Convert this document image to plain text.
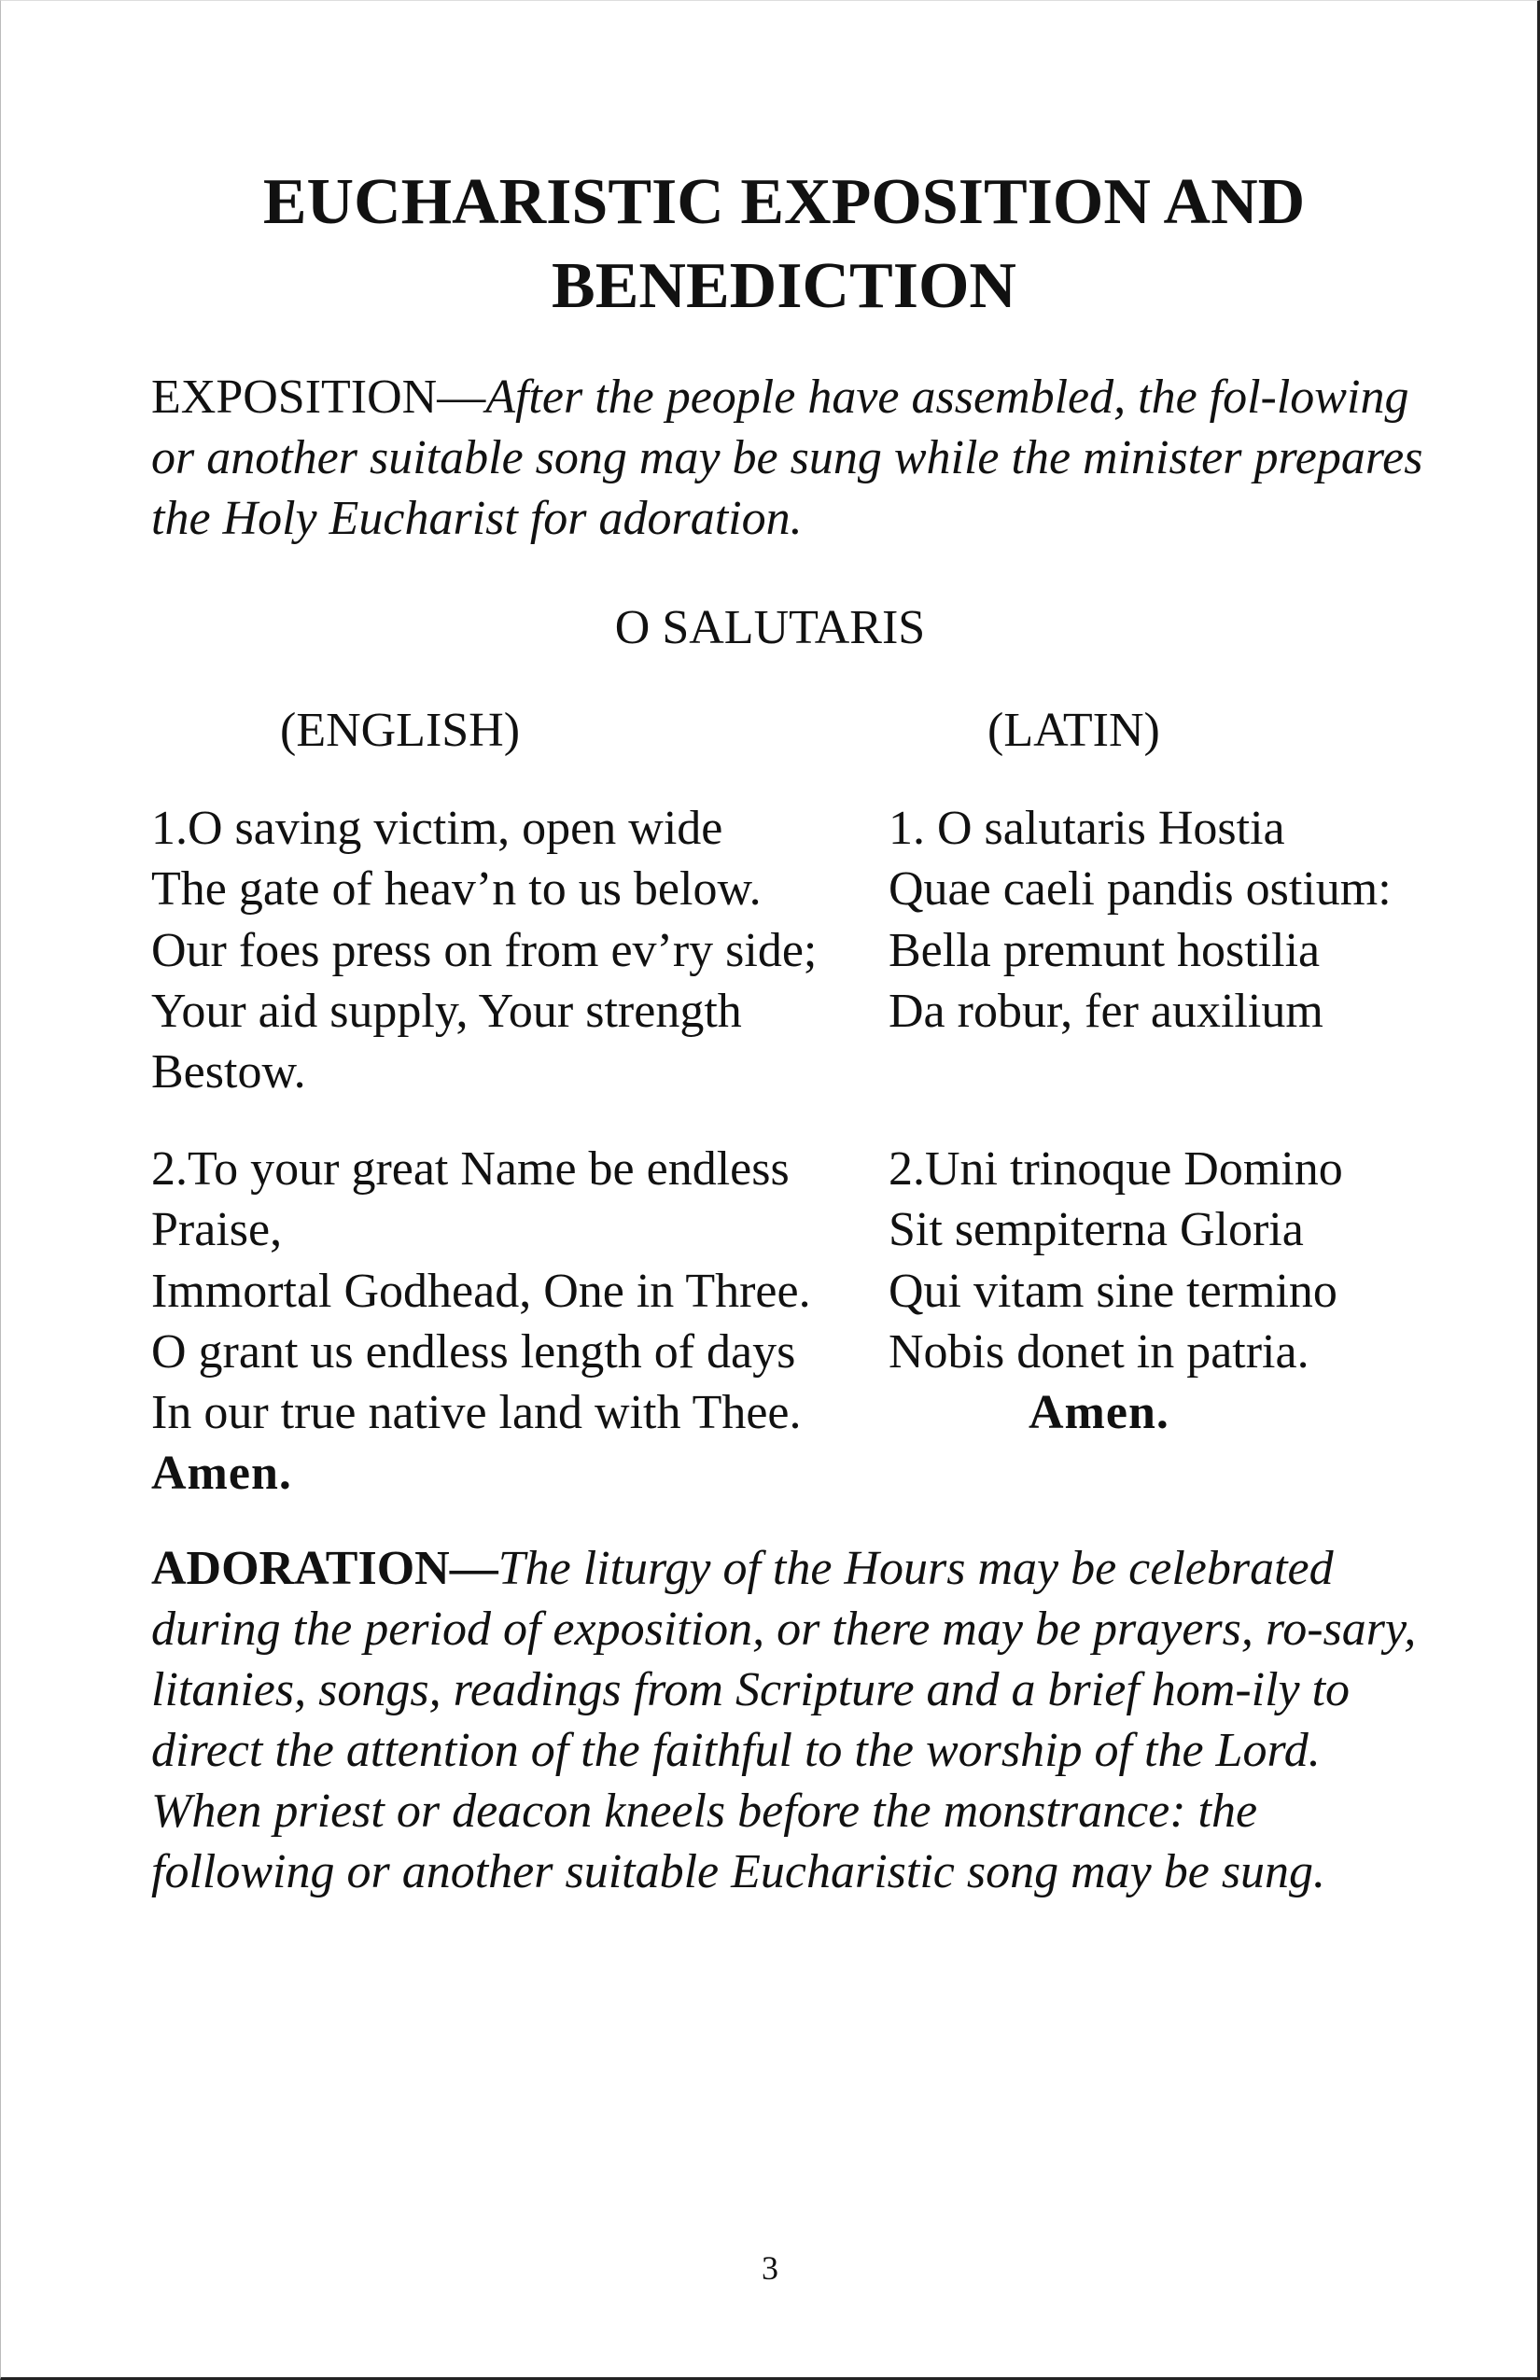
EUCHARISTIC EXPOSITION AND
BENEDICTION

EXPOSITION—After the people have assembled, the fol-lowing or another suitable song may be sung while the minister prepares the Holy Eucharist for adoration.

O SALUTARIS

(ENGLISH)	(LATIN)

1.O saving victim, open wide
The gate of heav’n to us below.
Our foes press on from ev’ry side;
Your aid supply, Your strength
Bestow.
1. O salutaris Hostia
Quae caeli pandis ostium:
Bella premunt hostilia
Da robur, fer auxilium
2.To your great Name be endless
Praise,
Immortal Godhead, One in Three.
O grant us endless length of days
In our true native land with Thee.
Amen.
2.Uni trinoque Domino
Sit sempiterna Gloria
Qui vitam sine termino
Nobis donet in patria.
Amen.

ADORATION—The liturgy of the Hours may be celebrated during the period of exposition, or there may be prayers, ro-sary, litanies, songs, readings from Scripture and a brief hom-ily to direct the attention of the faithful to the worship of the Lord. When priest or deacon kneels before the monstrance: the following or another suitable Eucharistic song may be sung.

3
